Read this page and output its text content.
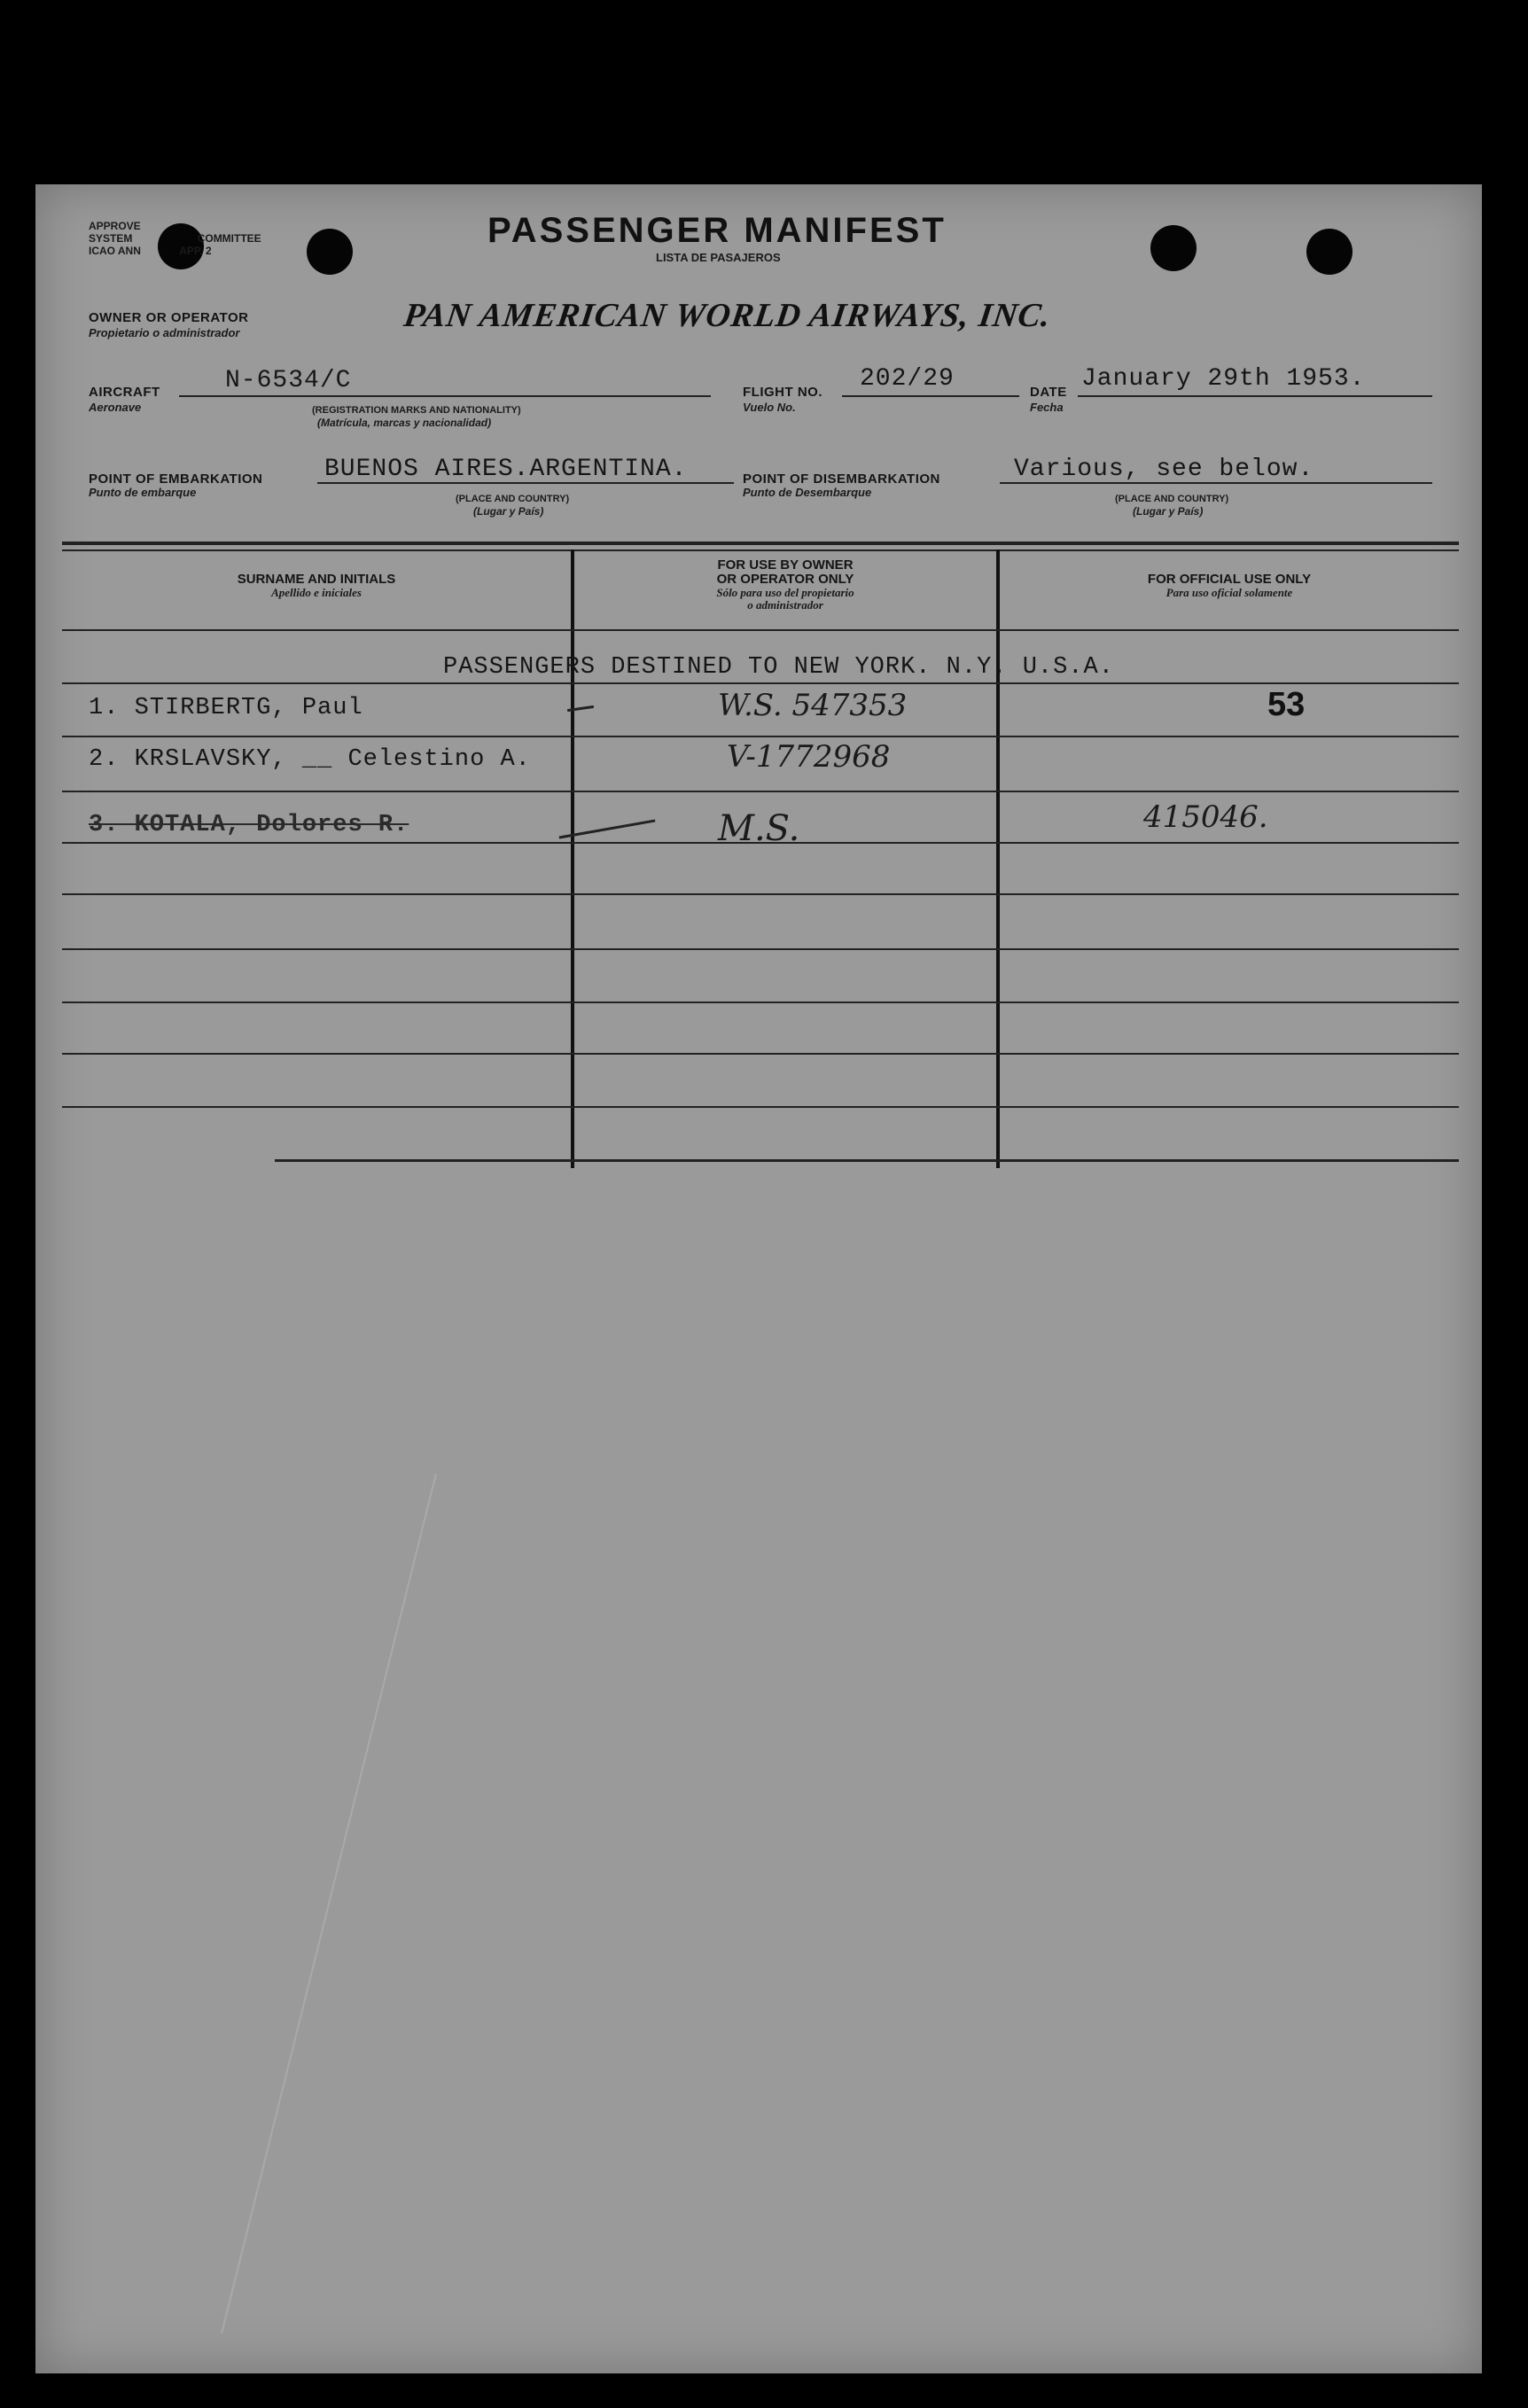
APPROVE
SYSTEM	COMMITTEE
ICAO ANN	APP. 2
PASSENGER MANIFEST
LISTA DE PASAJEROS
OWNER OR OPERATOR
Propietario o administrador	PAN AMERICAN WORLD AIRWAYS, INC.
AIRCRAFT
Aeronave
N-6534/C
(REGISTRATION MARKS AND NATIONALITY)
(Matrícula, marcas y nacionalidad)
FLIGHT NO.
Vuelo No.
202/29	DATE
Fecha
January 29th 1953.
POINT OF EMBARKATION
Punto de embarque
BUENOS AIRES.ARGENTINA.
(PLACE AND COUNTRY)
(Lugar y País)
POINT OF DISEMBARKATION
Punto de Desembarque
Various, see below.
(PLACE AND COUNTRY)
(Lugar y País)
SURNAME AND INITIALS
Apellido e iniciales
FOR USE BY OWNER
OR OPERATOR ONLY
Sólo para uso del propietario
o administrador
FOR OFFICIAL USE ONLY
Para uso oficial solamente
PASSENGERS DESTINED TO NEW YORK. N.Y. U.S.A.
1. STIRBERTG, Paul	W.S. 547353	53
2. KRSLAVSKY, __ Celestino A.	V-1772968
3. KOTALA, Dolores R.	M.S.	415046.
